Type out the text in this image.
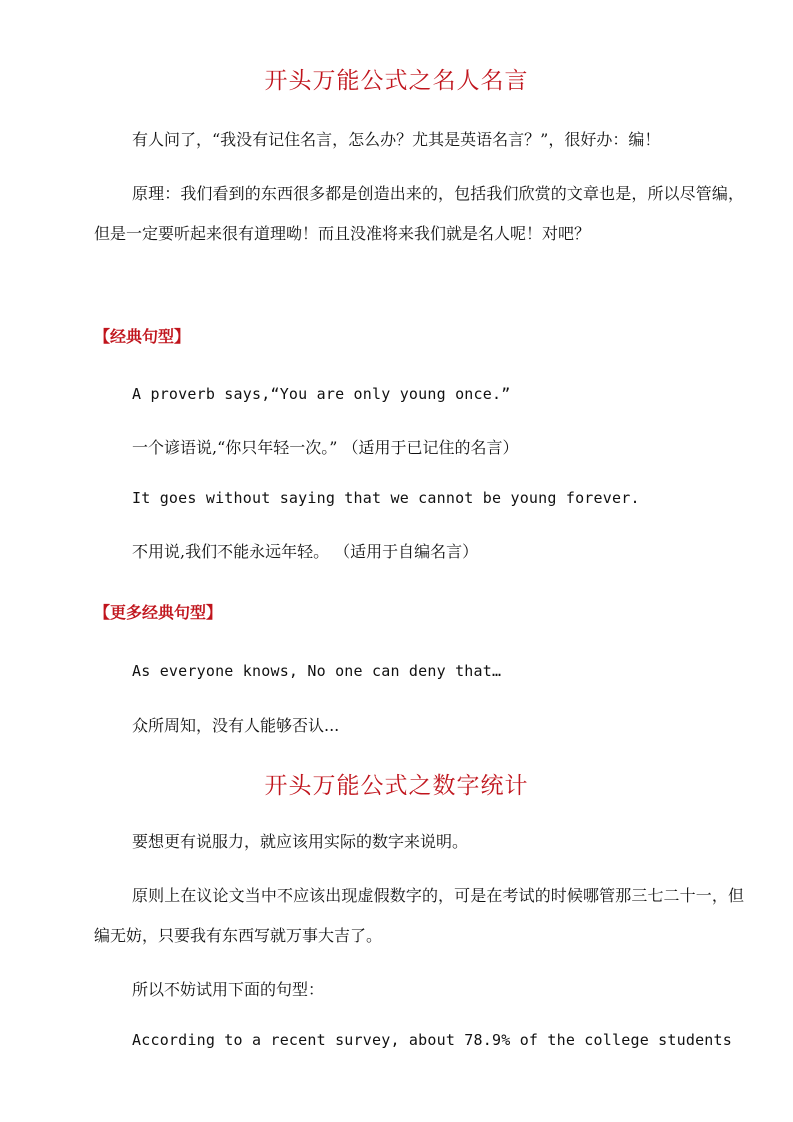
开头万能公式之名人名言

有人问了，“我没有记住名言，怎么办？尤其是英语名言？”，很好办：编！

原理：我们看到的东西很多都是创造出来的，包括我们欣赏的文章也是，所以尽管编，但是一定要听起来很有道理呦！而且没准将来我们就是名人呢！对吧？

【经典句型】

A proverb says,“You are only young once.”

一个谚语说,“你只年轻一次。” （适用于已记住的名言）

It goes without saying that we cannot be young forever.

不用说,我们不能永远年轻。 （适用于自编名言）

【更多经典句型】

As everyone knows, No one can deny that…

众所周知，没有人能够否认...

开头万能公式之数字统计

要想更有说服力，就应该用实际的数字来说明。

原则上在议论文当中不应该出现虚假数字的，可是在考试的时候哪管那三七二十一，但编无妨，只要我有东西写就万事大吉了。

所以不妨试用下面的句型：

According to a recent survey, about 78.9% of the college students
